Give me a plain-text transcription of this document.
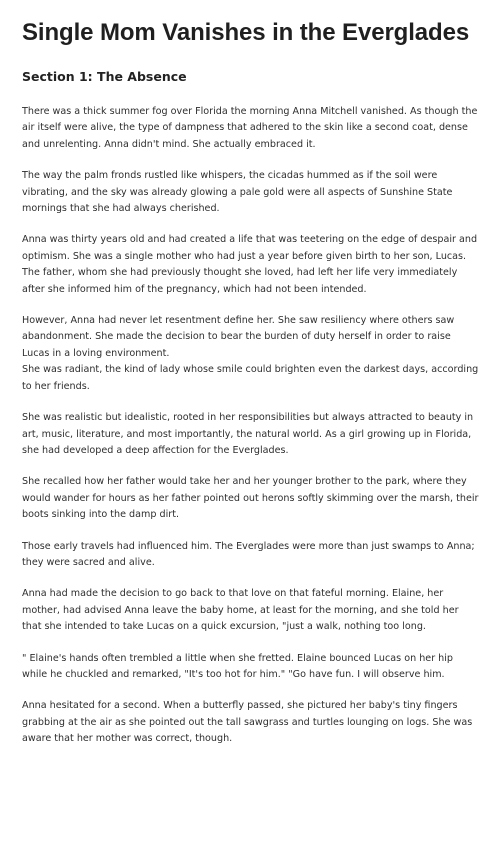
Single Mom Vanishes in the Everglades
Section 1: The Absence

There was a thick summer fog over Florida the morning Anna Mitchell vanished. As though the air itself were alive, the type of dampness that adhered to the skin like a second coat, dense and unrelenting. Anna didn't mind. She actually embraced it.

The way the palm fronds rustled like whispers, the cicadas hummed as if the soil were vibrating, and the sky was already glowing a pale gold were all aspects of Sunshine State mornings that she had always cherished.

Anna was thirty years old and had created a life that was teetering on the edge of despair and optimism. She was a single mother who had just a year before given birth to her son, Lucas. The father, whom she had previously thought she loved, had left her life very immediately after she informed him of the pregnancy, which had not been intended.

However, Anna had never let resentment define her. She saw resiliency where others saw abandonment. She made the decision to bear the burden of duty herself in order to raise Lucas in a loving environment.
She was radiant, the kind of lady whose smile could brighten even the darkest days, according to her friends.

She was realistic but idealistic, rooted in her responsibilities but always attracted to beauty in art, music, literature, and most importantly, the natural world. As a girl growing up in Florida, she had developed a deep affection for the Everglades.

She recalled how her father would take her and her younger brother to the park, where they would wander for hours as her father pointed out herons softly skimming over the marsh, their boots sinking into the damp dirt.

Those early travels had influenced him. The Everglades were more than just swamps to Anna; they were sacred and alive.

Anna had made the decision to go back to that love on that fateful morning. Elaine, her mother, had advised Anna leave the baby home, at least for the morning, and she told her that she intended to take Lucas on a quick excursion, "just a walk, nothing too long.

" Elaine's hands often trembled a little when she fretted. Elaine bounced Lucas on her hip while he chuckled and remarked, "It's too hot for him." "Go have fun. I will observe him.

Anna hesitated for a second. When a butterfly passed, she pictured her baby's tiny fingers grabbing at the air as she pointed out the tall sawgrass and turtles lounging on logs. She was aware that her mother was correct, though.
